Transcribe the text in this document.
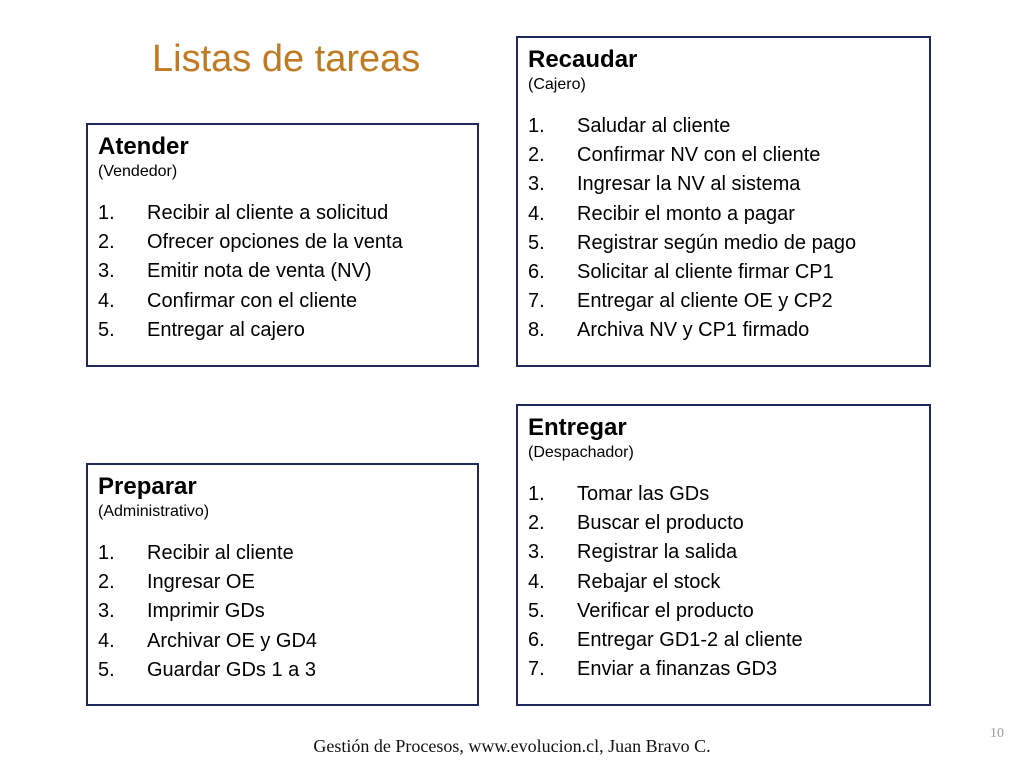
Listas de tareas	Recaudar
(Cajero)
1.	Saludar al cliente
2.	Confirmar NV con el cliente
3.	Ingresar la NV al sistema
4.	Recibir el monto a pagar
5.	Registrar según medio de pago
6.	Solicitar al cliente firmar CP1
7.	Entregar al cliente OE y CP2
8.	Archiva NV y CP1 firmado
Atender
(Vendedor)
1.	Recibir al cliente a solicitud
2.	Ofrecer opciones de la venta
3.	Emitir nota de venta (NV)
4.	Confirmar con el cliente
5.	Entregar al cajero
Entregar
(Despachador)
1.	Tomar las GDs
2.	Buscar el producto
3.	Registrar la salida
4.	Rebajar el stock
5.	Verificar el producto
6.	Entregar GD1-2 al cliente
7.	Enviar a finanzas GD3
Preparar
(Administrativo)
1.	Recibir al cliente
2.	Ingresar OE
3.	Imprimir GDs
4.	Archivar OE y GD4
5.	Guardar GDs 1 a 3
10
Gestión de Procesos, www.evolucion.cl, Juan Bravo C.
